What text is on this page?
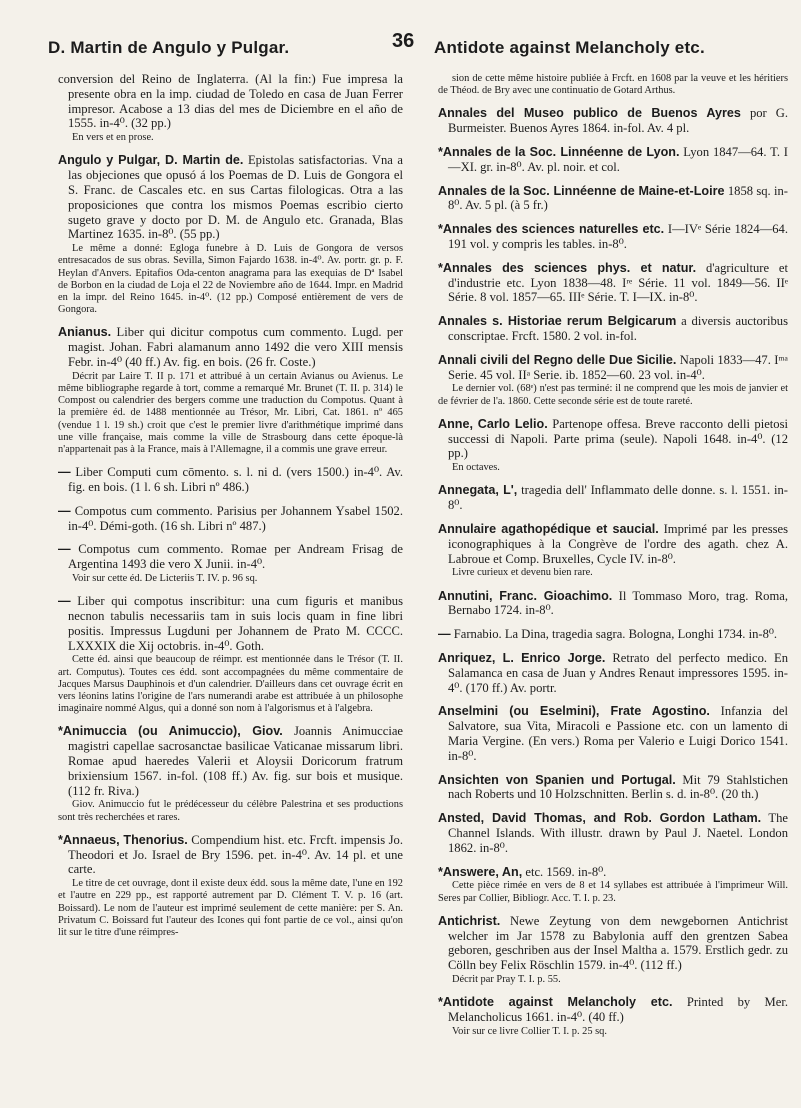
D. Martin de Angulo y Pulgar.	36 Antidote against Melancholy etc.
conversion del Reino de Inglaterra. (Al la fin:) Fue impresa la presente obra en la imp. ciudad de Toledo en casa de Juan Ferrer impresor. Acabose a 13 dias del mes de Diciembre en el año de 1555. in-4⁰. (32 pp.)
En vers et en prose.
Angulo y Pulgar, D. Martin de. Epistolas satisfactorias. Vna a las objeciones que opusó á los Poemas de D. Luis de Gongora el S. Franc. de Cascales etc. en sus Cartas filologicas. Otra a las proposiciones que contra los mismos Poemas escribio cierto sugeto grave y docto por D. M. de Angulo etc. Granada, Blas Martinez 1635. in-8⁰. (55 pp.)
Le même a donné: Egloga funebre à D. Luis de Gongora de versos entresacados de sus obras. Sevilla, Simon Fajardo 1638. in-4⁰. Av. portr. gr. p. F. Heylan d'Anvers. Epitafios Oda-centon anagrama para las exequias de Dª Isabel de Borbon en la ciudad de Loja el 22 de Noviembre año de 1644. Impr. en Madrid en la impr. del Reino 1645. in-4⁰. (12 pp.) Composé entièrement de vers de Gongora.
Anianus. Liber qui dicitur compotus cum commento. Lugd. per magist. Johan. Fabri alamanum anno 1492 die vero XIII mensis Febr. in-4⁰ (40 ff.) Av. fig. en bois. (26 fr. Coste.)
Décrit par Laire T. II p. 171 et attribué à un certain Avianus ou Avienus. Le même bibliographe regarde à tort, comme a remarqué Mr. Brunet (T. II. p. 314) le Compost ou calendrier des bergers comme une traduction du Compotus. Quant à la première éd. de 1488 mentionnée au Trésor, Mr. Libri, Cat. 1861. nº 465 (vendue 1 l. 19 sh.) croit que c'est le premier livre d'arithmétique imprimé dans une ville française, mais comme la ville de Strasbourg dans cette époque-là n'appartenait pas à la France, mais à l'Allemagne, il a commis une grave erreur.
— Liber Computi cum cōmento. s. l. ni d. (vers 1500.) in-4⁰. Av. fig. en bois. (1 l. 6 sh. Libri nº 486.)
— Compotus cum commento. Parisius per Johannem Ysabel 1502. in-4⁰. Démi-goth. (16 sh. Libri nº 487.)
— Compotus cum commento. Romae per Andream Frisag de Argentina 1493 die vero X Junii. in-4⁰.
Voir sur cette éd. De Licteriis T. IV. p. 96 sq.
— Liber qui compotus inscribitur: una cum figuris et manibus necnon tabulis necessariis tam in suis locis quam in fine libri positis. Impressus Lugduni per Johannem de Prato M. CCCC. LXXXIX die Xij octobris. in-4⁰. Goth.
Cette éd. ainsi que beaucoup de réimpr. est mentionnée dans le Trésor (T. II. art. Computus). Toutes ces édd. sont accompagnées du même commentaire de Jacques Marsus Dauphinois et d'un calendrier. D'ailleurs dans cet ouvrage écrit en vers léonins latins l'origine de l'ars numerandi arabe est attribuée à un philosophe imaginaire nommé Algus, qui a donné son nom à l'algorismus et à l'algebra.
*Animuccia (ou Animuccio), Giov. Joannis Animucciae magistri capellae sacrosanctae basilicae Vaticanae missarum libri. Romae apud haeredes Valerii et Aloysii Doricorum fratrum brixiensium 1567. in-fol. (108 ff.) Av. fig. sur bois et musique. (112 fr. Riva.)
Giov. Animuccio fut le prédécesseur du célèbre Palestrina et ses productions sont très recherchées et rares.
*Annaeus, Thenorius. Compendium hist. etc. Frcft. impensis Jo. Theodori et Jo. Israel de Bry 1596. pet. in-4⁰. Av. 14 pl. et une carte.
Le titre de cet ouvrage, dont il existe deux édd. sous la même date, l'une en 192 et l'autre en 229 pp., est rapporté autrement par D. Clément T. V. p. 16 (art. Boissard). Le nom de l'auteur est imprimé seulement de cette manière: per S. An. Privatum C. Boissard fut l'auteur des Icones qui font partie de ce vol., ainsi qu'on lit sur le titre d'une réimpres-
sion de cette même histoire publiée à Frcft. en 1608 par la veuve et les héritiers de Théod. de Bry avec une continuatio de Gotard Arthus.
Annales del Museo publico de Buenos Ayres por G. Burmeister. Buenos Ayres 1864. in-fol. Av. 4 pl.
*Annales de la Soc. Linnéenne de Lyon. Lyon 1847—64. T. I—XI. gr. in-8⁰. Av. pl. noir. et col.
Annales de la Soc. Linnéenne de Maine-et-Loire 1858 sq. in-8⁰. Av. 5 pl. (à 5 fr.)
*Annales des sciences naturelles etc. I—IVᵉ Série 1824—64. 191 vol. y compris les tables. in-8⁰.
*Annales des sciences phys. et natur. d'agriculture et d'industrie etc. Lyon 1838—48. Iʳᵉ Série. 11 vol. 1849—56. IIᵉ Série. 8 vol. 1857—65. IIIᵉ Série. T. I—IX. in-8⁰.
Annales s. Historiae rerum Belgicarum a diversis auctoribus conscriptae. Frcft. 1580. 2 vol. in-fol.
Annali civili del Regno delle Due Sicilie. Napoli 1833—47. Iᵐᵃ Serie. 45 vol. IIᵃ Serie. ib. 1852—60. 23 vol. in-4⁰.
Le dernier vol. (68ᵉ) n'est pas terminé: il ne comprend que les mois de janvier et de février de l'a. 1860. Cette seconde série est de toute rareté.
Anne, Carlo Lelio. Partenope offesa. Breve racconto delli pietosi successi di Napoli. Parte prima (seule). Napoli 1648. in-4⁰. (12 pp.)
En octaves.
Annegata, L', tragedia dell' Inflammato delle donne. s. l. 1551. in-8⁰.
Annulaire agathopédique et saucial. Imprimé par les presses iconographiques à la Congrève de l'ordre des agath. chez A. Labroue et Comp. Bruxelles, Cycle IV. in-8⁰.
Livre curieux et devenu bien rare.
Annutini, Franc. Gioachimo. Il Tommaso Moro, trag. Roma, Bernabo 1724. in-8⁰.
— Farnabio. La Dina, tragedia sagra. Bologna, Longhi 1734. in-8⁰.
Anriquez, L. Enrico Jorge. Retrato del perfecto medico. En Salamanca en casa de Juan y Andres Renaut impressores 1595. in-4⁰. (170 ff.) Av. portr.
Anselmini (ou Eselmini), Frate Agostino. Infanzia del Salvatore, sua Vita, Miracoli e Passione etc. con un lamento di Maria Vergine. (En vers.) Roma per Valerio e Luigi Dorico 1541. in-8⁰.
Ansichten von Spanien und Portugal. Mit 79 Stahlstichen nach Roberts und 10 Holzschnitten. Berlin s. d. in-8⁰. (20 th.)
Ansted, David Thomas, and Rob. Gordon Latham. The Channel Islands. With illustr. drawn by Paul J. Naetel. London 1862. in-8⁰.
*Answere, An, etc. 1569. in-8⁰.
Cette pièce rimée en vers de 8 et 14 syllabes est attribuée à l'imprimeur Will. Seres par Collier, Bibliogr. Acc. T. I. p. 23.
Antichrist. Newe Zeytung von dem newgebornen Antichrist welcher im Jar 1578 zu Babylonia auff den grentzen Sabea geboren, geschriben aus der Insel Maltha a. 1579. Erstlich gedr. zu Cölln bey Felix Röschlin 1579. in-4⁰. (112 ff.)
Décrit par Pray T. I. p. 55.
*Antidote against Melancholy etc. Printed by Mer. Melancholicus 1661. in-4⁰. (40 ff.)
Voir sur ce livre Collier T. I. p. 25 sq.
